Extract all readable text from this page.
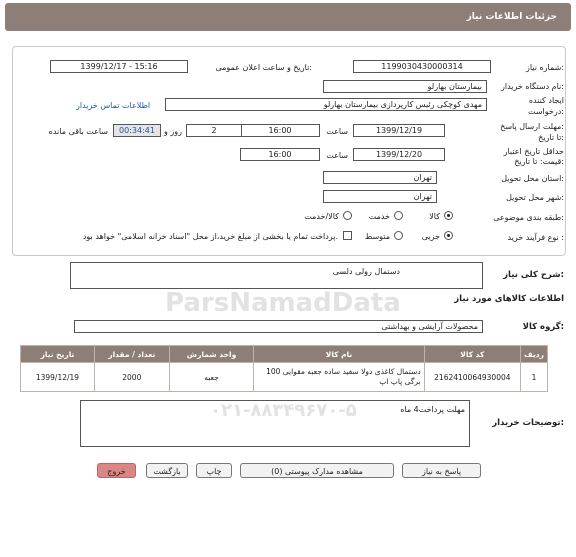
جزئیات اطلاعات نیاز
شماره نیاز:
1199030430000314
تاریخ و ساعت اعلان عمومی:
1399/12/17 - 15:16
نام دستگاه خریدار:
بیمارستان بهارلو
ایجاد کننده
درخواست:
مهدی کوچکی رئیس کارپردازی بیمارستان بهارلو
اطلاعات تماس خریدار
مهلت ارسال پاسخ:
تا تاریخ:
1399/12/19
ساعت
16:00
2
روز و
00:34:41
ساعت باقی مانده
حداقل تاریخ اعتبار
قیمت: تا تاریخ:
1399/12/20
ساعت
16:00
استان محل تحویل:
تهران
شهر محل تحویل:
تهران
طبقه بندی موضوعی:
کالا
خدمت
کالا/خدمت
نوع فرآیند خرید :
جزیی
متوسط
پرداخت تمام یا بخشی از مبلغ خرید،از محل "اسناد خزانه اسلامی" خواهد بود.
شرح کلی نیاز:
دستمال رولی دلسی
ParsNamadData
۰۲۱-۸۸۳۴۹۶۷۰-۵
اطلاعات کالاهای مورد نیاز
گروه کالا:
محصولات آرایشی و بهداشتی
ردیف	کد کالا	نام کالا	واحد شمارش	تعداد / مقدار	تاریخ نیاز
1	2162410064930004	دستمال کاغذی دولا سفید ساده جعبه مقوایی 100 برگی پاپ اپ	جعبه	2000	1399/12/19
توضیحات خریدار:
مهلت پرداخت4 ماه
پاسخ به نیاز
مشاهده مدارک پیوستی (0)
چاپ
بازگشت
خروج
